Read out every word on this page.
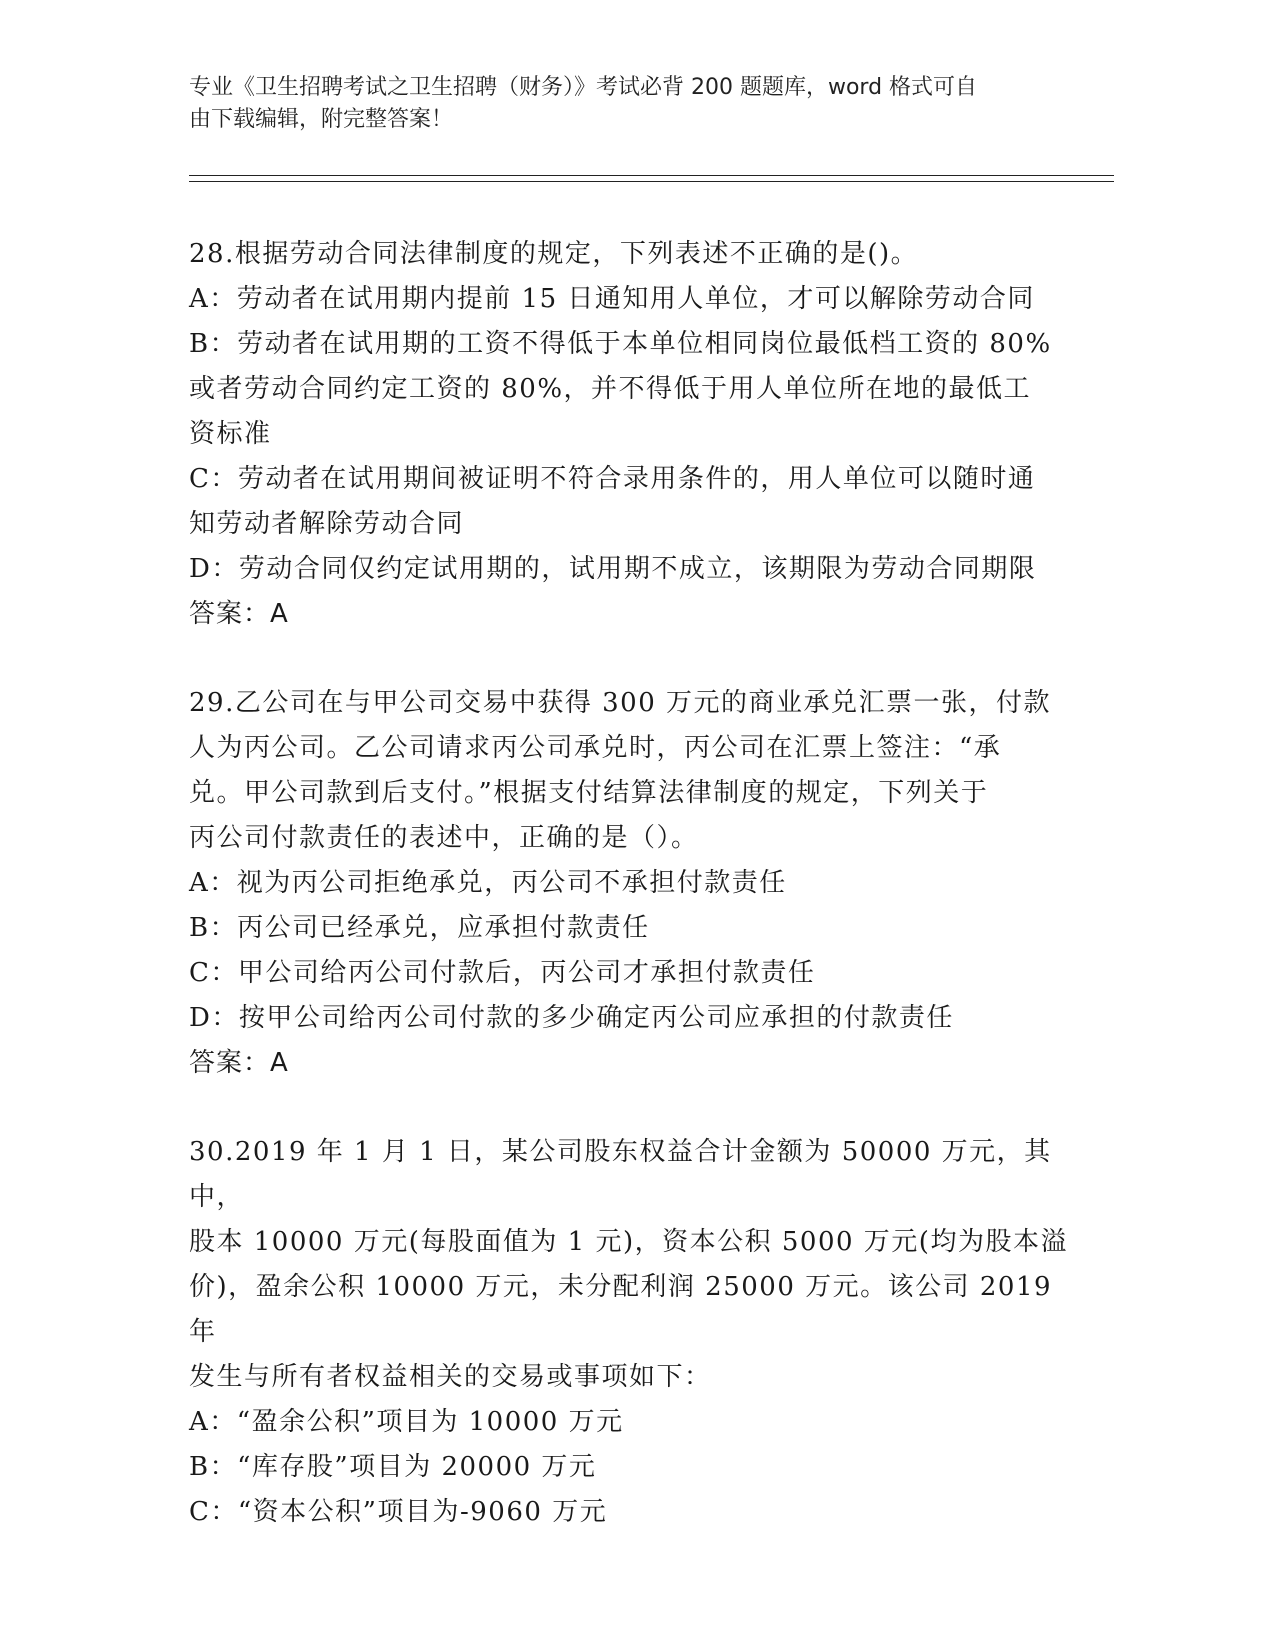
专业《卫生招聘考试之卫生招聘（财务）》考试必背 200 题题库，word 格式可自
由下载编辑，附完整答案！
28.根据劳动合同法律制度的规定，下列表述不正确的是()。
A：劳动者在试用期内提前 15 日通知用人单位，才可以解除劳动合同
B：劳动者在试用期的工资不得低于本单位相同岗位最低档工资的 80%
或者劳动合同约定工资的 80%，并不得低于用人单位所在地的最低工
资标准
C：劳动者在试用期间被证明不符合录用条件的，用人单位可以随时通
知劳动者解除劳动合同
D：劳动合同仅约定试用期的，试用期不成立，该期限为劳动合同期限
答案：A
29.乙公司在与甲公司交易中获得 300 万元的商业承兑汇票一张，付款
人为丙公司。乙公司请求丙公司承兑时，丙公司在汇票上签注：“承
兑。甲公司款到后支付。”根据支付结算法律制度的规定，下列关于
丙公司付款责任的表述中，正确的是（）。
A：视为丙公司拒绝承兑，丙公司不承担付款责任
B：丙公司已经承兑，应承担付款责任
C：甲公司给丙公司付款后，丙公司才承担付款责任
D：按甲公司给丙公司付款的多少确定丙公司应承担的付款责任
答案：A
30.2019 年 1 月 1 日，某公司股东权益合计金额为 50000 万元，其中，
股本 10000 万元(每股面值为 1 元)，资本公积 5000 万元(均为股本溢
价)，盈余公积 10000 万元，未分配利润 25000 万元。该公司 2019 年
发生与所有者权益相关的交易或事项如下：
A：“盈余公积”项目为 10000 万元
B：“库存股”项目为 20000 万元
C：“资本公积”项目为-9060 万元
